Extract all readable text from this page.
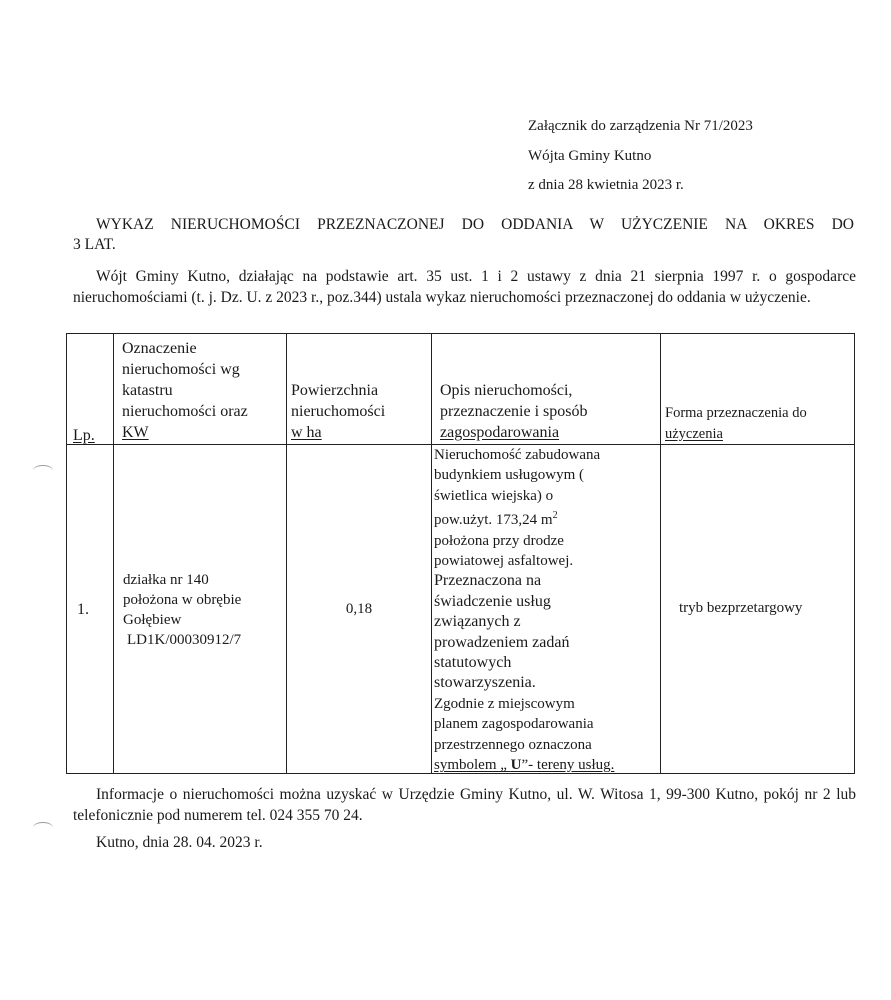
Załącznik do zarządzenia Nr 71/2023
Wójta Gminy Kutno
z dnia 28 kwietnia 2023 r.
WYKAZ NIERUCHOMOŚCI PRZEZNACZONEJ DO ODDANIA W UŻYCZENIE NA OKRES DO
3 LAT.
Wójt Gminy Kutno, działając na podstawie art. 35 ust. 1 i 2 ustawy z dnia 21 sierpnia 1997 r. o gospodarce nieruchomościami (t. j. Dz. U. z 2023 r., poz.344) ustala wykaz nieruchomości przeznaczonej do oddania w użyczenie.
Lp.
Oznaczenie
nieruchomości wg
katastru
nieruchomości oraz
KW
Powierzchnia
nieruchomości
w ha
Opis nieruchomości,
przeznaczenie i sposób
zagospodarowania
Forma przeznaczenia do
użyczenia
1.
działka nr 140
położona w obrębie
Gołębiew
LD1K/00030912/7
0,18
Nieruchomość zabudowana
budynkiem usługowym (
świetlica wiejska) o
pow.użyt. 173,24 $m^2$
położona przy drodze
powiatowej asfaltowej.
Przeznaczona na
świadczenie usług
związanych z
prowadzeniem zadań
statutowych
stowarzyszenia.
Zgodnie z miejscowym
planem zagospodarowania
przestrzennego oznaczona
symbolem „ U”- tereny usług.
tryb bezprzetargowy
Informacje o nieruchomości można uzyskać w Urzędzie Gminy Kutno, ul. W. Witosa 1, 99-300 Kutno, pokój nr 2 lub telefonicznie pod numerem tel. 024 355 70 24.
Kutno, dnia 28. 04. 2023 r.
